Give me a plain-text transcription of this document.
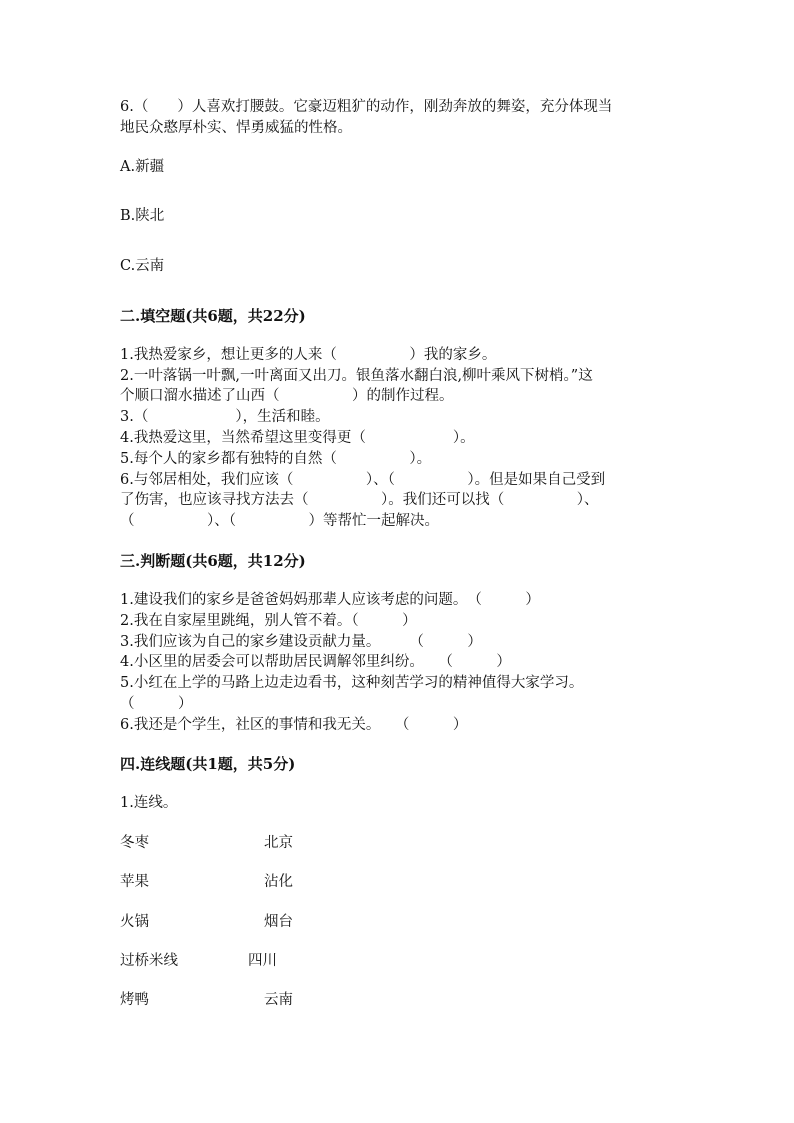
6.（　　）人喜欢打腰鼓。它豪迈粗犷的动作，刚劲奔放的舞姿，充分体现当
地民众憨厚朴实、悍勇威猛的性格。
A.新疆
B.陕北
C.云南
二.填空题(共6题，共22分)
1.我热爱家乡，想让更多的人来（　　　　　）我的家乡。
2.一叶落锅一叶飘,一叶离面又出刀。银鱼落水翻白浪,柳叶乘风下树梢。”这
个顺口溜水描述了山西（　　　　　）的制作过程。
3.（　　　　　　），生活和睦。
4.我热爱这里，当然希望这里变得更（　　　　　　）。
5.每个人的家乡都有独特的自然（　　　　　）。
6.与邻居相处，我们应该（　　　　　）、（　　　　　）。但是如果自己受到
了伤害，也应该寻找方法去（　　　　　）。我们还可以找（　　　　　）、
（　　　　　）、（　　　　　）等帮忙一起解决。
三.判断题(共6题，共12分)
1.建设我们的家乡是爸爸妈妈那辈人应该考虑的问题。　（　　　）
2.我在自家屋里跳绳，别人管不着。（　　　）
3.我们应该为自己的家乡建设贡献力量。　　　（　　　）
4.小区里的居委会可以帮助居民调解邻里纠纷。　　（　　　）
5.小红在上学的马路上边走边看书，这种刻苦学习的精神值得大家学习。
（　　　）
6.我还是个学生，社区的事情和我无关。　　（　　　）
四.连线题(共1题，共5分)
1.连线。
冬枣	北京
苹果	沾化
火锅	烟台
过桥米线	四川
烤鸭	云南
